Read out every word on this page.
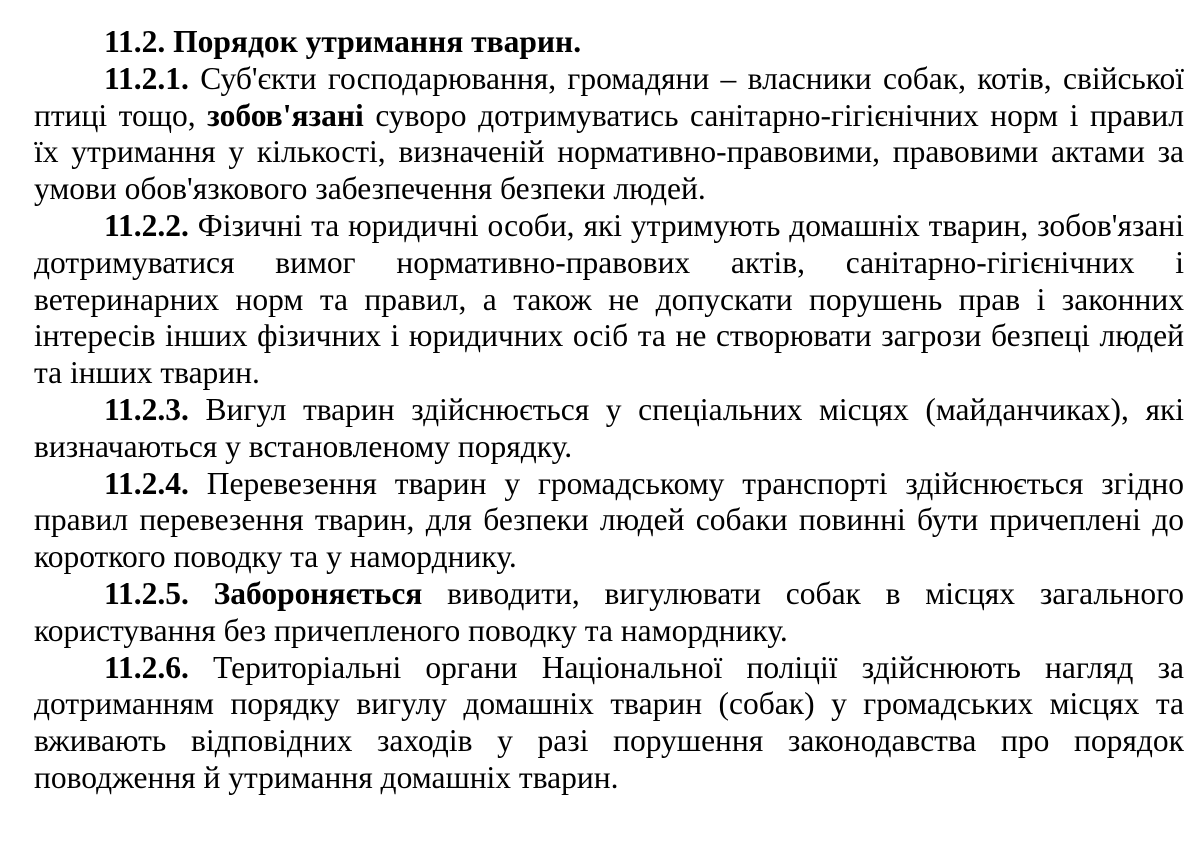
11.2. Порядок утримання тварин.

11.2.1. Суб'єкти господарювання, громадяни – власники собак, котів, свійської птиці тощо, зобов'язані суворо дотримуватись санітарно-гігієнічних норм і правил їх утримання у кількості, визначеній нормативно-правовими, правовими актами за умови обов'язкового забезпечення безпеки людей.

11.2.2. Фізичні та юридичні особи, які утримують домашніх тварин, зобов'язані дотримуватися вимог нормативно-правових актів, санітарно-гігієнічних і ветеринарних норм та правил, а також не допускати порушень прав і законних інтересів інших фізичних і юридичних осіб та не створювати загрози безпеці людей та інших тварин.

11.2.3. Вигул тварин здійснюється у спеціальних місцях (майданчиках), які визначаються у встановленому порядку.

11.2.4. Перевезення тварин у громадському транспорті здійснюється згідно правил перевезення тварин, для безпеки людей собаки повинні бути причеплені до короткого поводку та у наморднику.

11.2.5. Забороняється виводити, вигулювати собак в місцях загального користування без причепленого поводку та наморднику.

11.2.6. Територіальні органи Національної поліції здійснюють нагляд за дотриманням порядку вигулу домашніх тварин (собак) у громадських місцях та вживають відповідних заходів у разі порушення законодавства про порядок поводження й утримання домашніх тварин.
